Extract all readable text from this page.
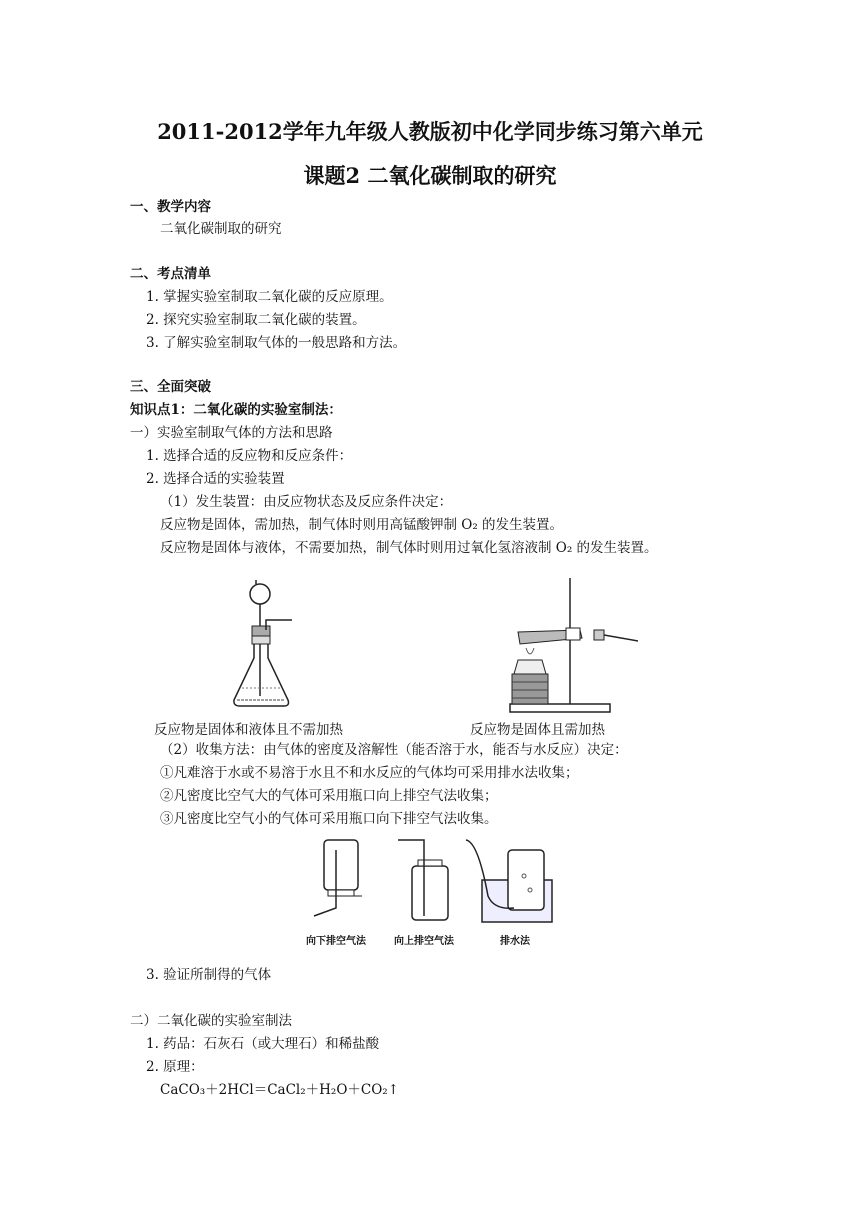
2011-2012学年九年级人教版初中化学同步练习第六单元
课题2 二氧化碳制取的研究
一、教学内容
二氧化碳制取的研究
二、考点清单
1. 掌握实验室制取二氧化碳的反应原理。
2. 探究实验室制取二氧化碳的装置。
3. 了解实验室制取气体的一般思路和方法。
三、全面突破
知识点1：二氧化碳的实验室制法：
一）实验室制取气体的方法和思路
1. 选择合适的反应物和反应条件：
2. 选择合适的实验装置
（1）发生装置：由反应物状态及反应条件决定：
反应物是固体，需加热，制气体时则用高锰酸钾制 O₂ 的发生装置。
反应物是固体与液体，不需要加热，制气体时则用过氧化氢溶液制 O₂ 的发生装置。
反应物是固体和液体且不需加热	反应物是固体且需加热
（2）收集方法：由气体的密度及溶解性（能否溶于水，能否与水反应）决定：
①凡难溶于水或不易溶于水且不和水反应的气体均可采用排水法收集；
②凡密度比空气大的气体可采用瓶口向上排空气法收集；
③凡密度比空气小的气体可采用瓶口向下排空气法收集。
向下排空气法	向上排空气法	排水法
3. 验证所制得的气体
二）二氧化碳的实验室制法
1. 药品：石灰石（或大理石）和稀盐酸
2. 原理：
CaCO₃＋2HCl＝CaCl₂＋H₂O＋CO₂↑
